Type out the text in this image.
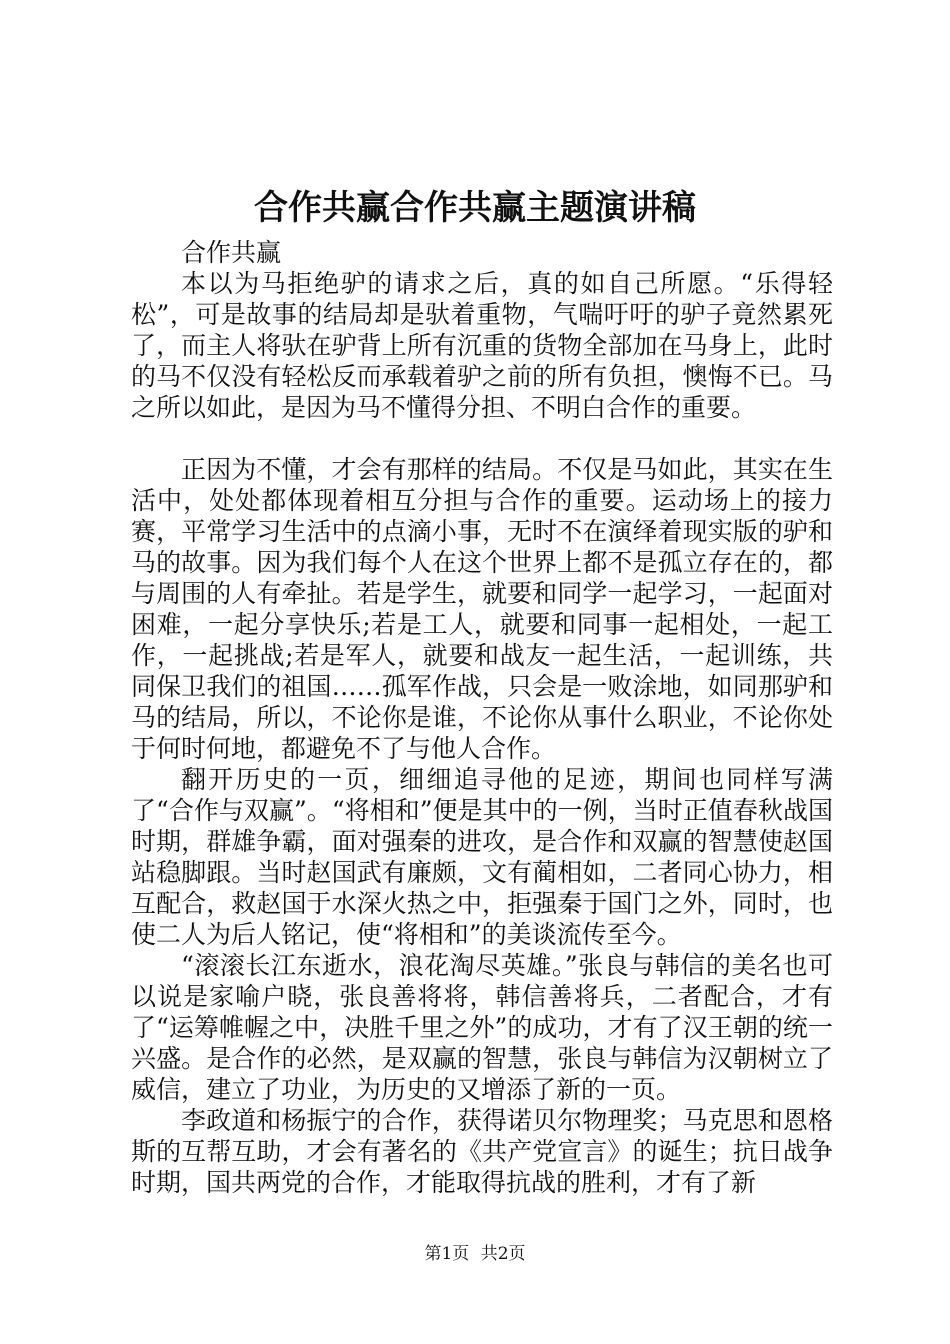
合作共赢合作共赢主题演讲稿

合作共赢

本以为马拒绝驴的请求之后，真的如自己所愿。“乐得轻松”，可是故事的结局却是驮着重物，气喘吁吁的驴子竟然累死了，而主人将驮在驴背上所有沉重的货物全部加在马身上，此时的马不仅没有轻松反而承载着驴之前的所有负担，懊悔不已。马之所以如此，是因为马不懂得分担、不明白合作的重要。

正因为不懂，才会有那样的结局。不仅是马如此，其实在生活中，处处都体现着相互分担与合作的重要。运动场上的接力赛，平常学习生活中的点滴小事，无时不在演绎着现实版的驴和马的故事。因为我们每个人在这个世界上都不是孤立存在的，都与周围的人有牵扯。若是学生，就要和同学一起学习，一起面对困难，一起分享快乐;若是工人，就要和同事一起相处，一起工作，一起挑战;若是军人，就要和战友一起生活，一起训练，共同保卫我们的祖国……孤军作战，只会是一败涂地，如同那驴和马的结局，所以，不论你是谁，不论你从事什么职业，不论你处于何时何地，都避免不了与他人合作。

翻开历史的一页，细细追寻他的足迹，期间也同样写满了“合作与双赢”。“将相和”便是其中的一例，当时正值春秋战国时期，群雄争霸，面对强秦的进攻，是合作和双赢的智慧使赵国站稳脚跟。当时赵国武有廉颇，文有蔺相如，二者同心协力，相互配合，救赵国于水深火热之中，拒强秦于国门之外，同时，也使二人为后人铭记，使“将相和”的美谈流传至今。

“滚滚长江东逝水，浪花淘尽英雄。”张良与韩信的美名也可以说是家喻户晓，张良善将将，韩信善将兵，二者配合，才有了“运筹帷幄之中，决胜千里之外”的成功，才有了汉王朝的统一兴盛。是合作的必然，是双赢的智慧，张良与韩信为汉朝树立了威信，建立了功业，为历史的又增添了新的一页。

李政道和杨振宁的合作，获得诺贝尔物理奖；马克思和恩格斯的互帮互助，才会有著名的《共产党宣言》的诞生；抗日战争时期，国共两党的合作，才能取得抗战的胜利，才有了新

第1页 共2页
